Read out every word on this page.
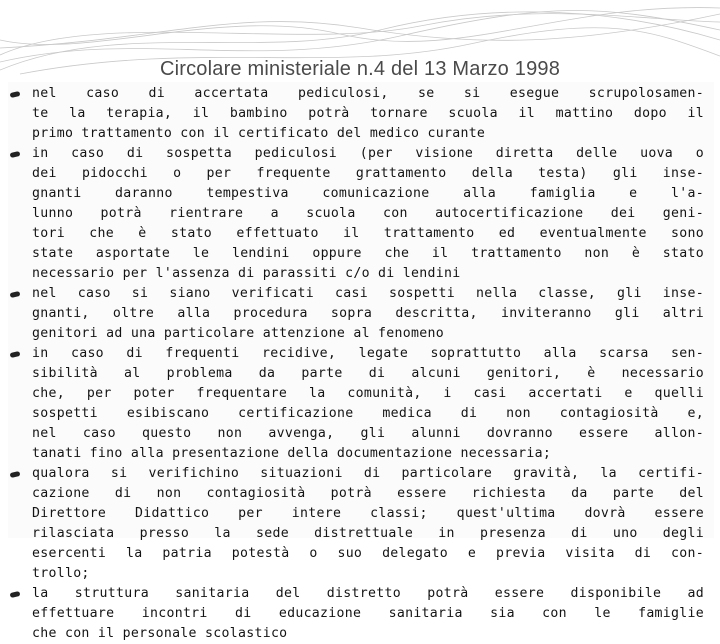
Circolare ministeriale n.4 del 13 Marzo 1998
nel caso di accertata pediculosi, se si esegue scrupolosamen-
te la terapia, il bambino potrà tornare scuola il mattino dopo il
primo trattamento con il certificato del medico curante
in caso di sospetta pediculosi (per visione diretta delle uova o
dei pidocchi o per frequente grattamento della testa) gli inse-
gnanti daranno tempestiva comunicazione alla famiglia e l'a-
lunno potrà rientrare a scuola con autocertificazione dei geni-
tori che è stato effettuato il trattamento ed eventualmente sono
state asportate le lendini oppure che il trattamento non è stato
necessario per l'assenza di parassiti c/o di lendini
nel caso si siano verificati casi sospetti nella classe, gli inse-
gnanti, oltre alla procedura sopra descritta, inviteranno gli altri
genitori ad una particolare attenzione al fenomeno
in caso di frequenti recidive, legate soprattutto alla scarsa sen-
sibilità al problema da parte di alcuni genitori, è necessario
che, per poter frequentare la comunità, i casi accertati e quelli
sospetti esibiscano certificazione medica di non contagiosità e,
nel caso questo non avvenga, gli alunni dovranno essere allon-
tanati fino alla presentazione della documentazione necessaria;
qualora si verifichino situazioni di particolare gravità, la certifi-
cazione di non contagiosità potrà essere richiesta da parte del
Direttore Didattico per intere classi; quest'ultima dovrà essere
rilasciata presso la sede distrettuale in presenza di uno degli
esercenti la patria potestà o suo delegato e previa visita di con-
trollo;
la struttura sanitaria del distretto potrà essere disponibile ad
effettuare incontri di educazione sanitaria sia con le famiglie
che con il personale scolastico
